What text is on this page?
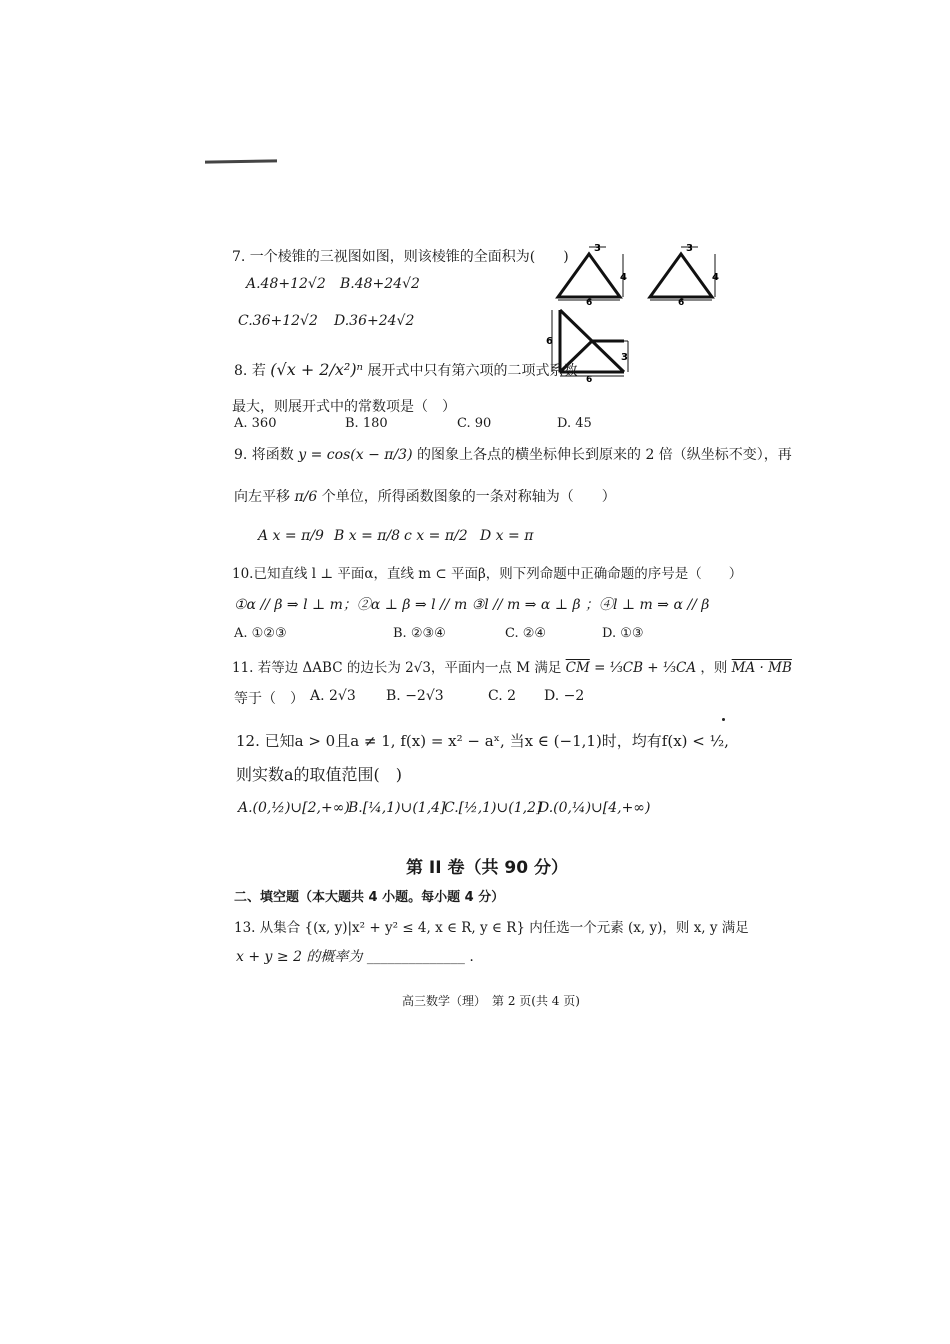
7. 一个棱锥的三视图如图，则该棱锥的全面积为(　　)
A.48+12√2 B.48+24√2
C.36+12√2 D.36+24√2
3
4
6
3
4
6
6
3
6
8. 若 (√x + 2/x²)ⁿ 展开式中只有第六项的二项式系数
最大，则展开式中的常数项是（　）
A. 360	B. 180	C. 90	D. 45
9. 将函数 y = cos(x − π/3) 的图象上各点的横坐标伸长到原来的 2 倍（纵坐标不变），再
向左平移 π/6 个单位，所得函数图象的一条对称轴为（　　）
A x = π/9 B x = π/8 c x = π/2 D x = π
10.已知直线 l ⊥ 平面α，直线 m ⊂ 平面β，则下列命题中正确命题的序号是（　　）
①α // β ⇒ l ⊥ m；②α ⊥ β ⇒ l // m ③l // m ⇒ α ⊥ β ；④l ⊥ m ⇒ α // β
A. ①②③	B. ②③④	C. ②④	D. ①③
11. 若等边 ΔABC 的边长为 2√3，平面内一点 M 满足 $\overline{CM}$ = ⅓CB + ⅓CA ，则 MA · MB
等于（　） A. 2√3 B. −2√3	C. 2 D. −2
12. 已知a > 0且a ≠ 1, f(x) = x² − aˣ, 当x ∈ (−1,1)时，均有f(x) < ½,
则实数a的取值范围(　)
A.(0,½)∪[2,+∞)
B.[¼,1)∪(1,4]
C.[½,1)∪(1,2]
D.(0,¼)∪[4,+∞)
第 II 卷（共 90 分）
二、填空题（本大题共 4 小题。每小题 4 分）
13. 从集合 {(x, y)|x² + y² ≤ 4, x ∈ R, y ∈ R} 内任选一个元素 (x, y)，则 x, y 满足
x + y ≥ 2 的概率为 ______________ .
高三数学（理）　第 2 页(共 4 页)
